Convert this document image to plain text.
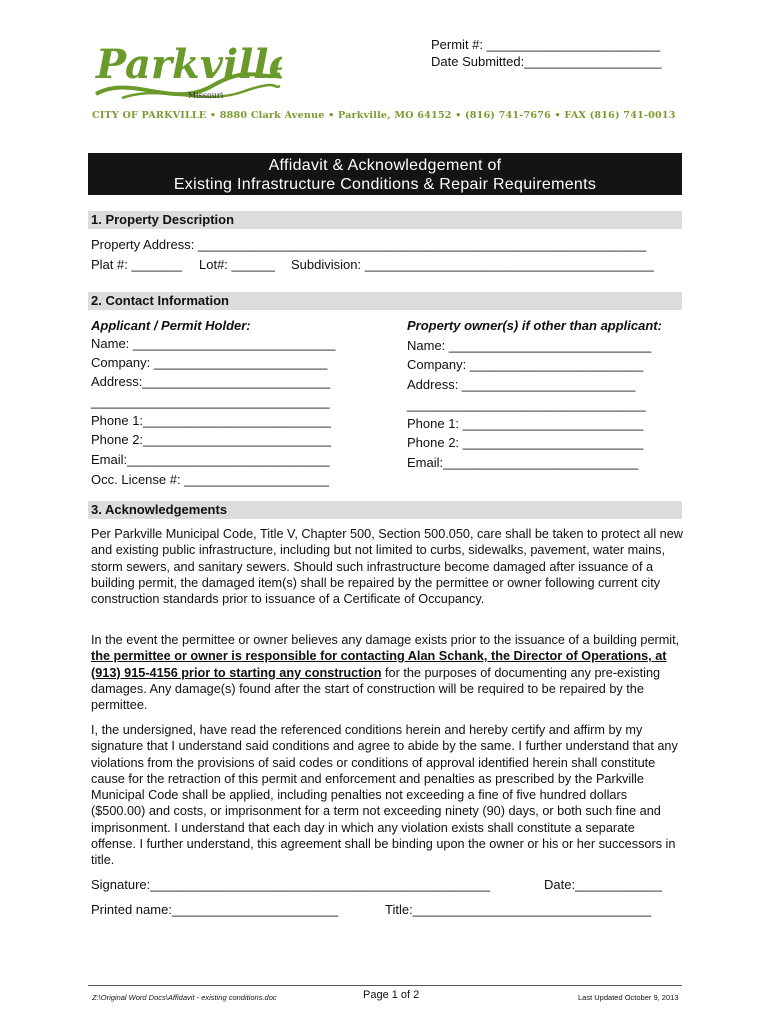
Parkville
Missouri
Permit #: ________________________
Date Submitted:___________________
CITY OF PARKVILLE • 8880 Clark Avenue • Parkville, MO 64152 • (816) 741-7676 • FAX (816) 741-0013
Affidavit & Acknowledgement of
Existing Infrastructure Conditions & Repair Requirements
1. Property Description
Property Address: ______________________________________________________________
Plat #: _______ Lot#: ______ Subdivision: ________________________________________
2. Contact Information
Applicant / Permit Holder:
Name: ____________________________
Company: ________________________
Address:__________________________
_________________________________
Phone 1:__________________________
Phone 2:__________________________
Email:____________________________
Occ. License #: ____________________
Property owner(s) if other than applicant:
Name: ____________________________
Company: ________________________
Address: ________________________
_________________________________
Phone 1: _________________________
Phone 2: _________________________
Email:___________________________
3. Acknowledgements

Per Parkville Municipal Code, Title V, Chapter 500, Section 500.050, care shall be taken to protect all new and existing public infrastructure, including but not limited to curbs, sidewalks, pavement, water mains, storm sewers, and sanitary sewers. Should such infrastructure become damaged after issuance of a building permit, the damaged item(s) shall be repaired by the permittee or owner following current city construction standards prior to issuance of a Certificate of Occupancy.

In the event the permittee or owner believes any damage exists prior to the issuance of a building permit, the permittee or owner is responsible for contacting Alan Schank, the Director of Operations, at (913) 915-4156 prior to starting any construction for the purposes of documenting any pre-existing damages. Any damage(s) found after the start of construction will be required to be repaired by the permittee.

I, the undersigned, have read the referenced conditions herein and hereby certify and affirm by my signature that I understand said conditions and agree to abide by the same. I further understand that any violations from the provisions of said codes or conditions of approval identified herein shall constitute cause for the retraction of this permit and enforcement and penalties as prescribed by the Parkville Municipal Code shall be applied, including penalties not exceeding a fine of five hundred dollars ($500.00) and costs, or imprisonment for a term not exceeding ninety (90) days, or both such fine and imprisonment. I understand that each day in which any violation exists shall constitute a separate offense. I further understand, this agreement shall be binding upon the owner or his or her successors in title.

Signature:_______________________________________________	Date:____________
Printed name:_______________________	Title:_________________________________
Z:\Original Word Docs\Affidavit - existing conditions.doc	Page 1 of 2	Last Updated October 9, 2013
